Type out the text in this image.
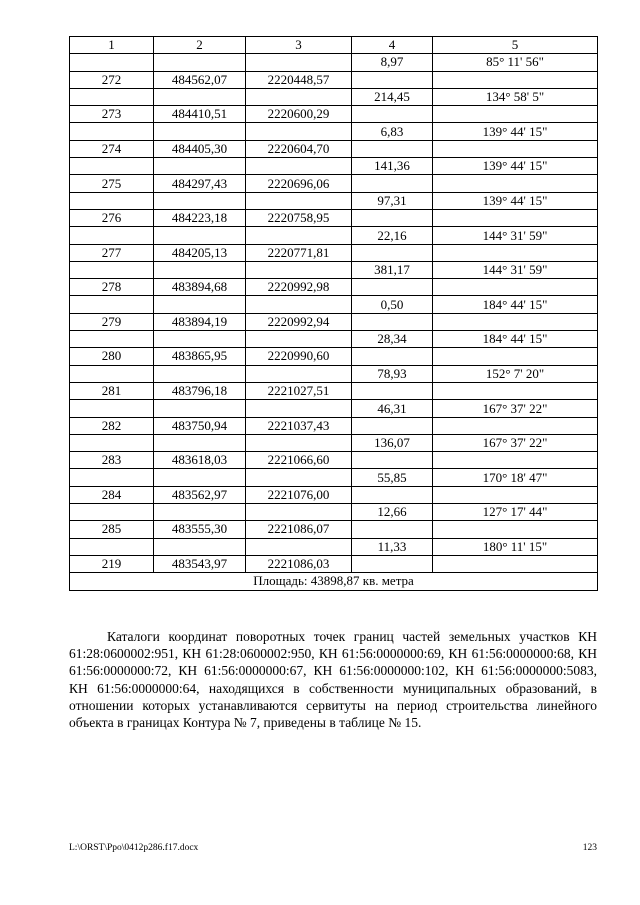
1	2	3	4	5
			8,97	85° 11' 56"
272	484562,07	2220448,57		
			214,45	134° 58' 5"
273	484410,51	2220600,29		
			6,83	139° 44' 15"
274	484405,30	2220604,70		
			141,36	139° 44' 15"
275	484297,43	2220696,06		
			97,31	139° 44' 15"
276	484223,18	2220758,95		
			22,16	144° 31' 59"
277	484205,13	2220771,81		
			381,17	144° 31' 59"
278	483894,68	2220992,98		
			0,50	184° 44' 15"
279	483894,19	2220992,94		
			28,34	184° 44' 15"
280	483865,95	2220990,60		
			78,93	152° 7' 20"
281	483796,18	2221027,51		
			46,31	167° 37' 22"
282	483750,94	2221037,43		
			136,07	167° 37' 22"
283	483618,03	2221066,60		
			55,85	170° 18' 47"
284	483562,97	2221076,00		
			12,66	127° 17' 44"
285	483555,30	2221086,07		
			11,33	180° 11' 15"
219	483543,97	2221086,03		
Площадь: 43898,87 кв. метра				

Каталоги координат поворотных точек границ частей земельных участков КН 61:28:0600002:951, КН 61:28:0600002:950, КН 61:56:0000000:69, КН 61:56:0000000:68, КН 61:56:0000000:72, КН 61:56:0000000:67, КН 61:56:0000000:102, КН 61:56:0000000:5083, КН 61:56:0000000:64, находящихся в собственности муниципальных образований, в отношении которых устанавливаются сервитуты на период строительства линейного объекта в границах Контура № 7, приведены в таблице № 15.

L:\ORST\Ppo\0412p286.f17.docx	123
